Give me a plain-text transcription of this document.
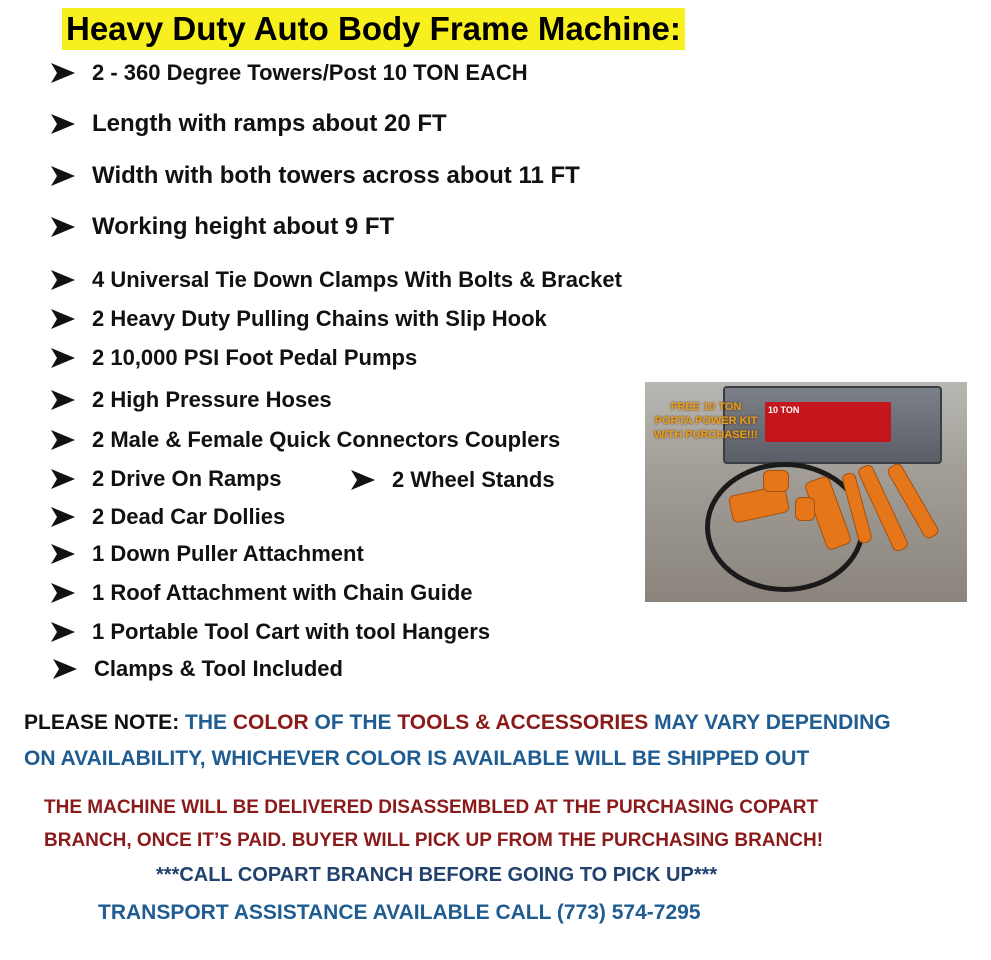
Heavy Duty Auto Body Frame Machine:
2 - 360 Degree Towers/Post 10 TON EACH
Length with ramps about 20 FT
Width with both towers across about 11 FT
Working height about 9 FT
4 Universal Tie Down Clamps With Bolts & Bracket
2 Heavy Duty Pulling Chains with Slip Hook
2 10,000 PSI Foot Pedal Pumps
2 High Pressure Hoses
2 Male & Female Quick Connectors Couplers
2 Drive On Ramps	2 Wheel Stands
2 Dead Car Dollies
1 Down Puller Attachment
1 Roof Attachment with Chain Guide
1 Portable Tool Cart with tool Hangers
Clamps & Tool Included
10 TON
FREE 10 TON PORTA POWER KIT WITH PURCHASE!!!
PLEASE NOTE: THE COLOR OF THE TOOLS & ACCESSORIES MAY VARY DEPENDING
ON AVAILABILITY, WHICHEVER COLOR IS AVAILABLE WILL BE SHIPPED OUT
THE MACHINE WILL BE DELIVERED DISASSEMBLED AT THE PURCHASING COPART
BRANCH, ONCE IT’S PAID. BUYER WILL PICK UP FROM THE PURCHASING BRANCH!
***CALL COPART BRANCH BEFORE GOING TO PICK UP***
TRANSPORT ASSISTANCE AVAILABLE CALL (773) 574-7295
